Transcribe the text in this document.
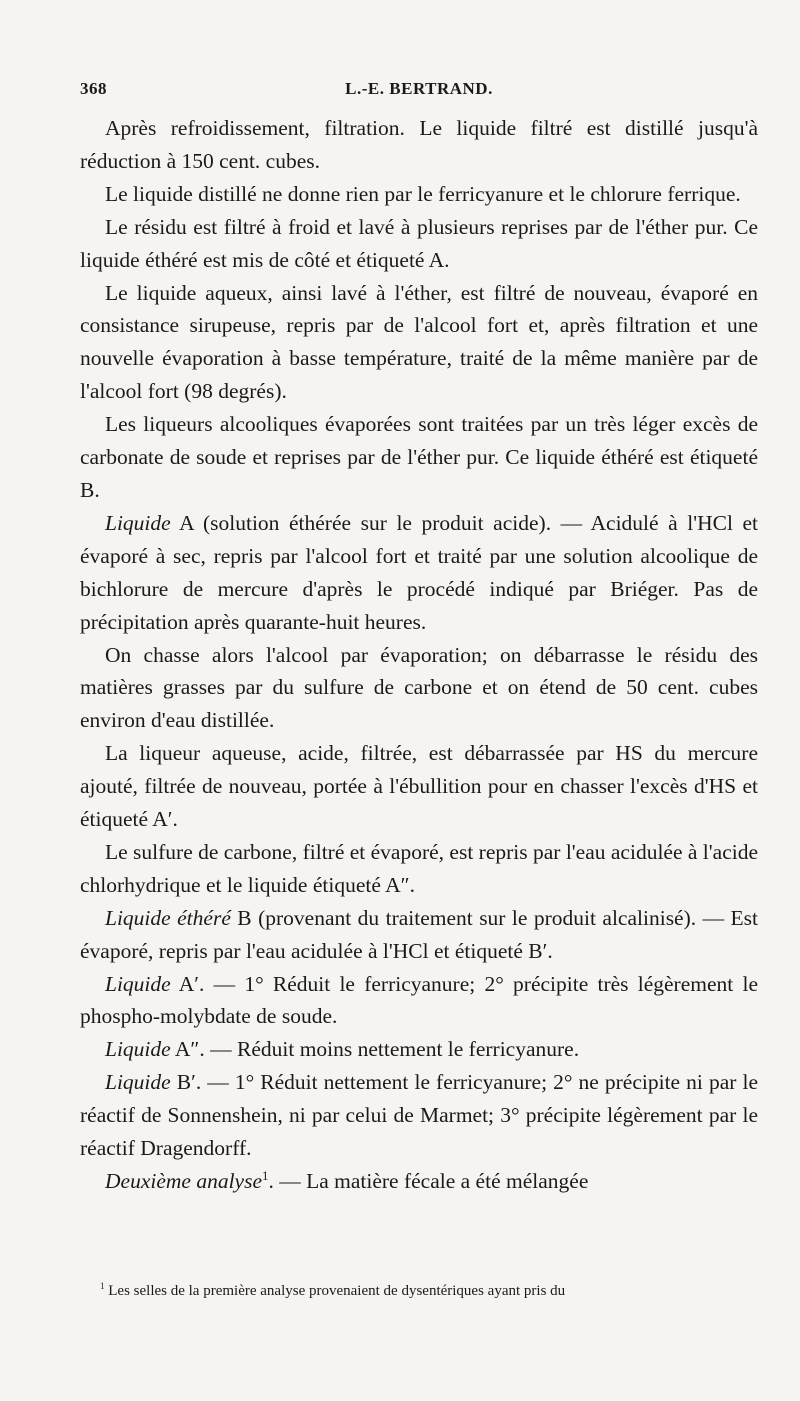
368	L.-E. BERTRAND.

Après refroidissement, filtration. Le liquide filtré est distillé jusqu'à réduction à 150 cent. cubes.

Le liquide distillé ne donne rien par le ferricyanure et le chlorure ferrique.

Le résidu est filtré à froid et lavé à plusieurs reprises par de l'éther pur. Ce liquide éthéré est mis de côté et étiqueté A.

Le liquide aqueux, ainsi lavé à l'éther, est filtré de nouveau, évaporé en consistance sirupeuse, repris par de l'alcool fort et, après filtration et une nouvelle évaporation à basse température, traité de la même manière par de l'alcool fort (98 degrés).

Les liqueurs alcooliques évaporées sont traitées par un très léger excès de carbonate de soude et reprises par de l'éther pur. Ce liquide éthéré est étiqueté B.

Liquide A (solution éthérée sur le produit acide). — Acidulé à l'HCl et évaporé à sec, repris par l'alcool fort et traité par une solution alcoolique de bichlorure de mercure d'après le procédé indiqué par Briéger. Pas de précipitation après quarante-huit heures.

On chasse alors l'alcool par évaporation; on débarrasse le résidu des matières grasses par du sulfure de carbone et on étend de 50 cent. cubes environ d'eau distillée.

La liqueur aqueuse, acide, filtrée, est débarrassée par HS du mercure ajouté, filtrée de nouveau, portée à l'ébullition pour en chasser l'excès d'HS et étiqueté A′.

Le sulfure de carbone, filtré et évaporé, est repris par l'eau acidulée à l'acide chlorhydrique et le liquide étiqueté A″.

Liquide éthéré B (provenant du traitement sur le produit alcalinisé). — Est évaporé, repris par l'eau acidulée à l'HCl et étiqueté B′.

Liquide A′. — 1° Réduit le ferricyanure; 2° précipite très légèrement le phospho-molybdate de soude.

Liquide A″. — Réduit moins nettement le ferricyanure.

Liquide B′. — 1° Réduit nettement le ferricyanure; 2° ne précipite ni par le réactif de Sonnenshein, ni par celui de Marmet; 3° précipite légèrement par le réactif Dragendorff.

Deuxième analyse$^1$. — La matière fécale a été mélangée

$^1$ Les selles de la première analyse provenaient de dysentériques ayant pris du
